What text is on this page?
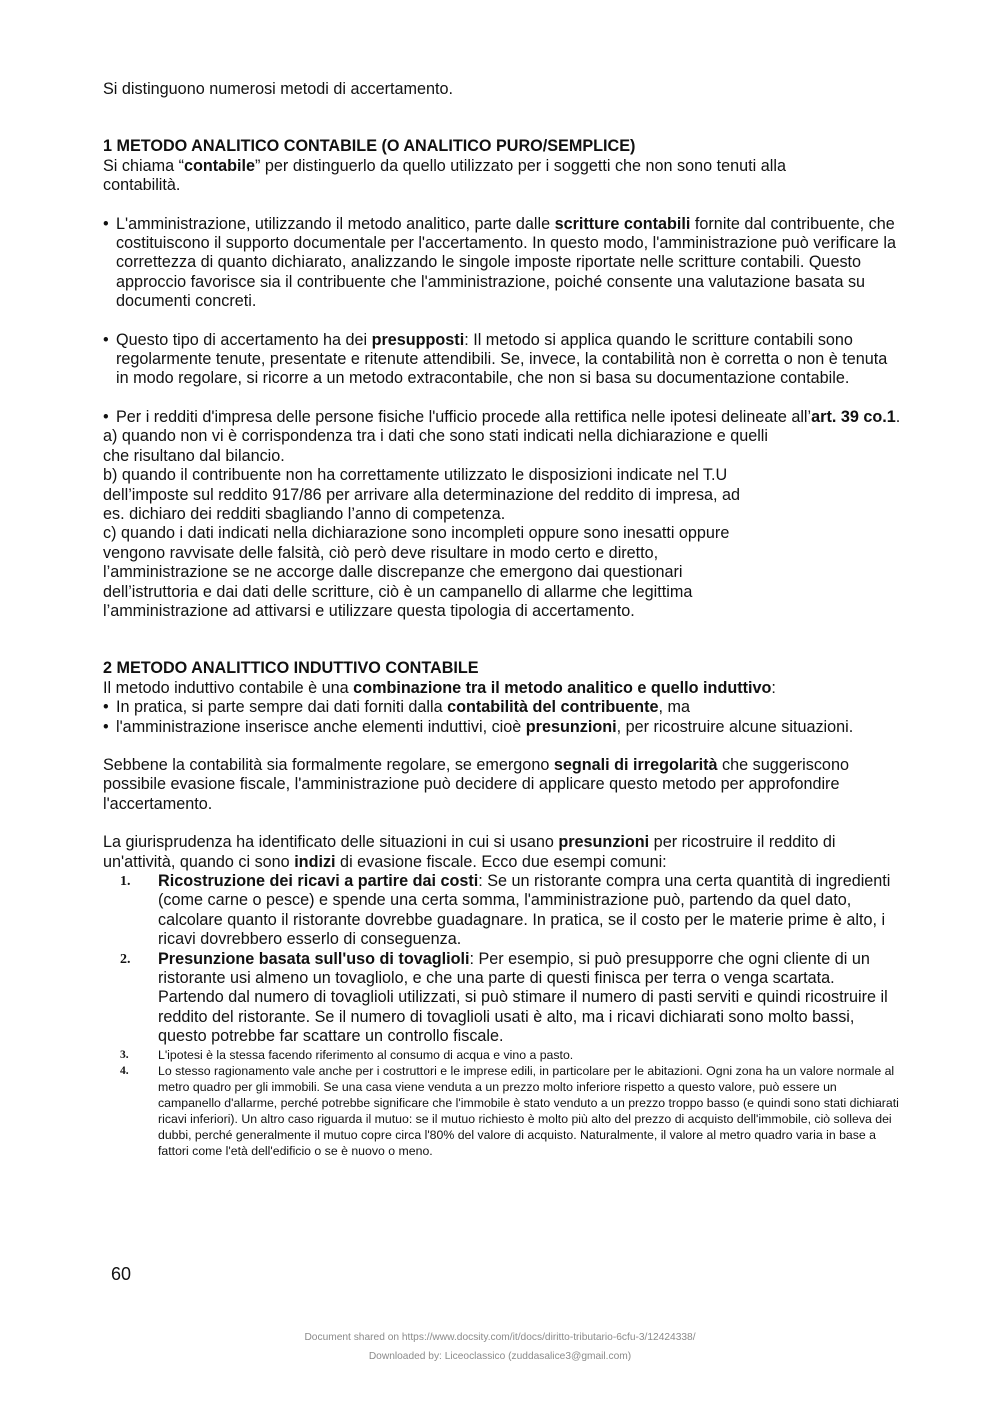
Si distinguono numerosi metodi di accertamento.

1 METODO ANALITICO CONTABILE (O ANALITICO PURO/SEMPLICE)

Si chiama “contabile” per distinguerlo da quello utilizzato per i soggetti che non sono tenuti alla
contabilità.

• L'amministrazione, utilizzando il metodo analitico, parte dalle scritture contabili fornite dal contribuente, che costituiscono il supporto documentale per l'accertamento. In questo modo, l'amministrazione può verificare la correttezza di quanto dichiarato, analizzando le singole imposte riportate nelle scritture contabili. Questo approccio favorisce sia il contribuente che l'amministrazione, poiché consente una valutazione basata su documenti concreti.

• Questo tipo di accertamento ha dei presupposti: Il metodo si applica quando le scritture contabili sono regolarmente tenute, presentate e ritenute attendibili. Se, invece, la contabilità non è corretta o non è tenuta in modo regolare, si ricorre a un metodo extracontabile, che non si basa su documentazione contabile.

• Per i redditi d'impresa delle persone fisiche l'ufficio procede alla rettifica nelle ipotesi delineate all’art. 39 co.1.

a) quando non vi è corrispondenza tra i dati che sono stati indicati nella dichiarazione e quelli

che risultano dal bilancio.

b) quando il contribuente non ha correttamente utilizzato le disposizioni indicate nel T.U

dell’imposte sul reddito 917/86 per arrivare alla determinazione del reddito di impresa, ad

es. dichiaro dei redditi sbagliando l’anno di competenza.

c) quando i dati indicati nella dichiarazione sono incompleti oppure sono inesatti oppure

vengono ravvisate delle falsità, ciò però deve risultare in modo certo e diretto,

l’amministrazione se ne accorge dalle discrepanze che emergono dai questionari

dell’istruttoria e dai dati delle scritture, ciò è un campanello di allarme che legittima

l’amministrazione ad attivarsi e utilizzare questa tipologia di accertamento.

2 METODO ANALITTICO INDUTTIVO CONTABILE

Il metodo induttivo contabile è una combinazione tra il metodo analitico e quello induttivo:

• In pratica, si parte sempre dai dati forniti dalla contabilità del contribuente, ma

• l'amministrazione inserisce anche elementi induttivi, cioè presunzioni, per ricostruire alcune situazioni.

Sebbene la contabilità sia formalmente regolare, se emergono segnali di irregolarità che suggeriscono possibile evasione fiscale, l'amministrazione può decidere di applicare questo metodo per approfondire l'accertamento.

La giurisprudenza ha identificato delle situazioni in cui si usano presunzioni per ricostruire il reddito di un'attività, quando ci sono indizi di evasione fiscale. Ecco due esempi comuni:

1. Ricostruzione dei ricavi a partire dai costi: Se un ristorante compra una certa quantità di ingredienti (come carne o pesce) e spende una certa somma, l'amministrazione può, partendo da quel dato, calcolare quanto il ristorante dovrebbe guadagnare. In pratica, se il costo per le materie prime è alto, i ricavi dovrebbero esserlo di conseguenza.

2. Presunzione basata sull'uso di tovaglioli: Per esempio, si può presupporre che ogni cliente di un ristorante usi almeno un tovagliolo, e che una parte di questi finisca per terra o venga scartata. Partendo dal numero di tovaglioli utilizzati, si può stimare il numero di pasti serviti e quindi ricostruire il reddito del ristorante. Se il numero di tovaglioli usati è alto, ma i ricavi dichiarati sono molto bassi, questo potrebbe far scattare un controllo fiscale.

3. L'ipotesi è la stessa facendo riferimento al consumo di acqua e vino a pasto.

4. Lo stesso ragionamento vale anche per i costruttori e le imprese edili, in particolare per le abitazioni. Ogni zona ha un valore normale al metro quadro per gli immobili. Se una casa viene venduta a un prezzo molto inferiore rispetto a questo valore, può essere un campanello d'allarme, perché potrebbe significare che l'immobile è stato venduto a un prezzo troppo basso (e quindi sono stati dichiarati ricavi inferiori). Un altro caso riguarda il mutuo: se il mutuo richiesto è molto più alto del prezzo di acquisto dell'immobile, ciò solleva dei dubbi, perché generalmente il mutuo copre circa l'80% del valore di acquisto. Naturalmente, il valore al metro quadro varia in base a fattori come l'età dell'edificio o se è nuovo o meno.

60
Document shared on https://www.docsity.com/it/docs/diritto-tributario-6cfu-3/12424338/
Downloaded by: Liceoclassico (zuddasalice3@gmail.com)
